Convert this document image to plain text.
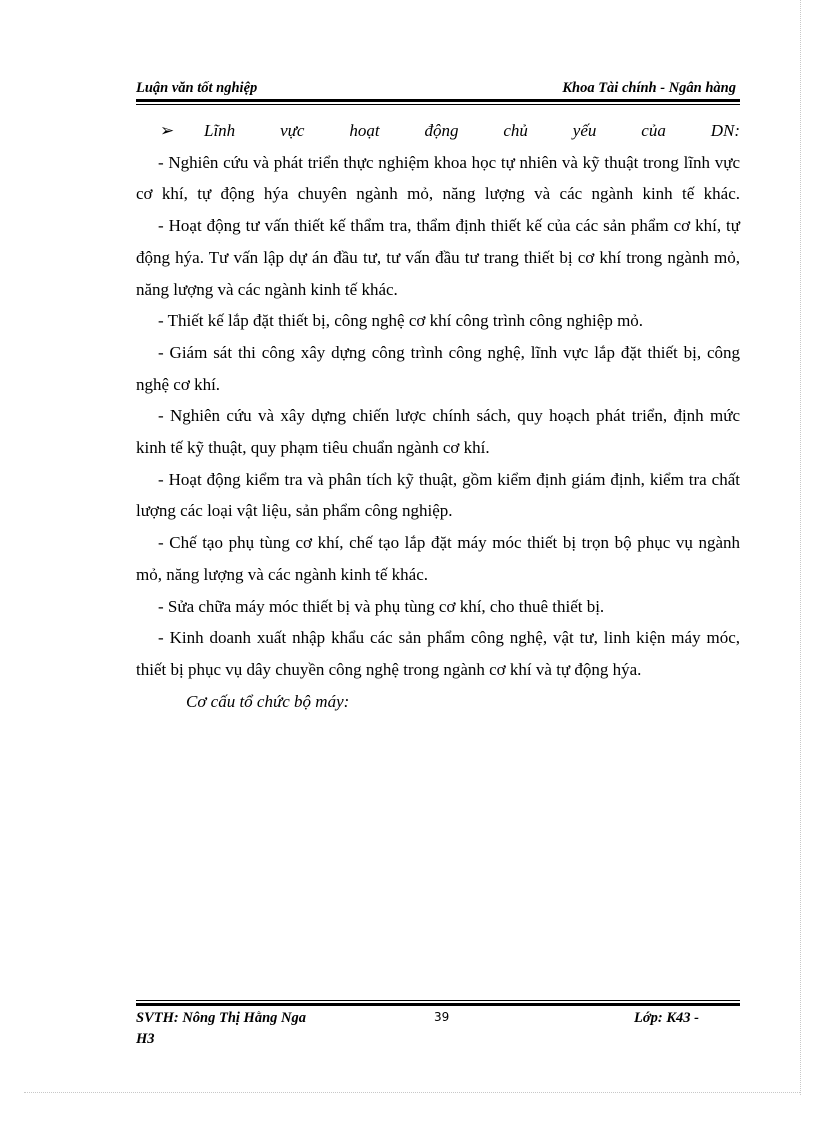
Luận văn tốt nghiệp	Khoa Tài chính - Ngân hàng
➢ Lĩnh	vực	hoạt	động	chủ	yếu	của	DN:

- Nghiên cứu và phát triển thực nghiệm khoa học tự nhiên và kỹ thuật trong lĩnh vực cơ khí, tự động hýa chuyên ngành mỏ, năng lượng và các ngành kinh tế khác.

- Hoạt động tư vấn thiết kế thẩm tra, thẩm định thiết kế của các sản phẩm cơ khí, tự động hýa. Tư vấn lập dự án đầu tư, tư vấn đầu tư trang thiết bị cơ khí trong ngành mỏ, năng lượng và các ngành kinh tế khác.

- Thiết kế lắp đặt thiết bị, công nghệ cơ khí công trình công nghiệp mỏ.

- Giám sát thi công xây dựng công trình công nghệ, lĩnh vực lắp đặt thiết bị, công nghệ cơ khí.

- Nghiên cứu và xây dựng chiến lược chính sách, quy hoạch phát triển, định mức kinh tế kỹ thuật, quy phạm tiêu chuẩn ngành cơ khí.

- Hoạt động kiểm tra và phân tích kỹ thuật, gồm kiểm định giám định, kiểm tra chất lượng các loại vật liệu, sản phẩm công nghiệp.

- Chế tạo phụ tùng cơ khí, chế tạo lắp đặt máy móc thiết bị trọn bộ phục vụ ngành mỏ, năng lượng và các ngành kinh tế khác.

- Sửa chữa máy móc thiết bị và phụ tùng cơ khí, cho thuê thiết bị.

- Kinh doanh xuất nhập khẩu các sản phẩm công nghệ, vật tư, linh kiện máy móc, thiết bị phục vụ dây chuyền công nghệ trong ngành cơ khí và tự động hýa.

Cơ cấu tổ chức bộ máy:

SVTH: Nông Thị Hằng Nga	39	Lớp: K43 -
H3
